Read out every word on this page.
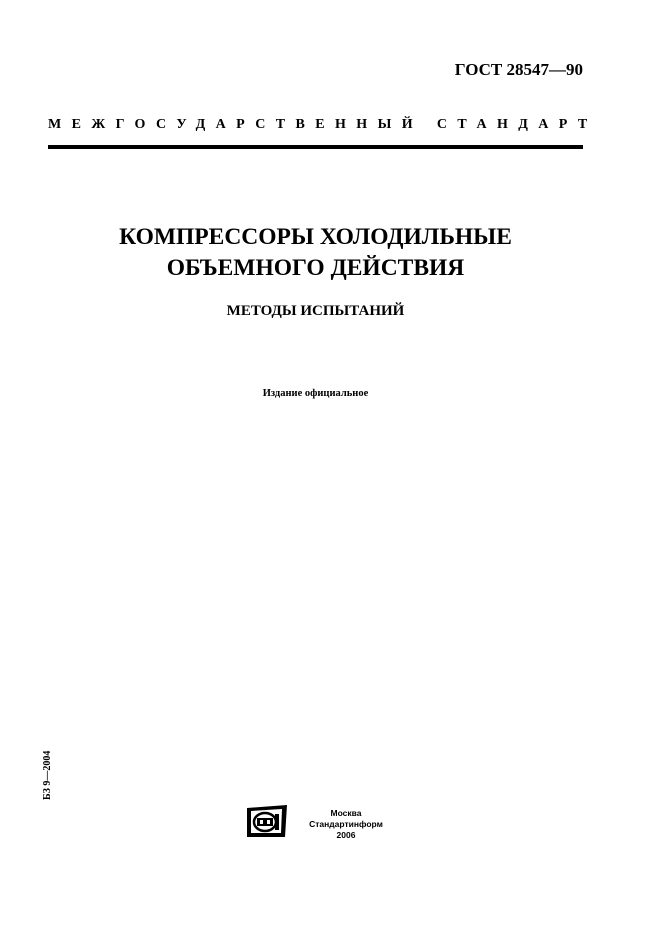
ГОСТ 28547—90
МЕЖГОСУДАРСТВЕННЫЙ СТАНДАРТ
КОМПРЕССОРЫ ХОЛОДИЛЬНЫЕ
ОБЪЕМНОГО ДЕЙСТВИЯ
МЕТОДЫ ИСПЫТАНИЙ
Издание официальное
БЗ 9—2004
Москва
Стандартинформ
2006
